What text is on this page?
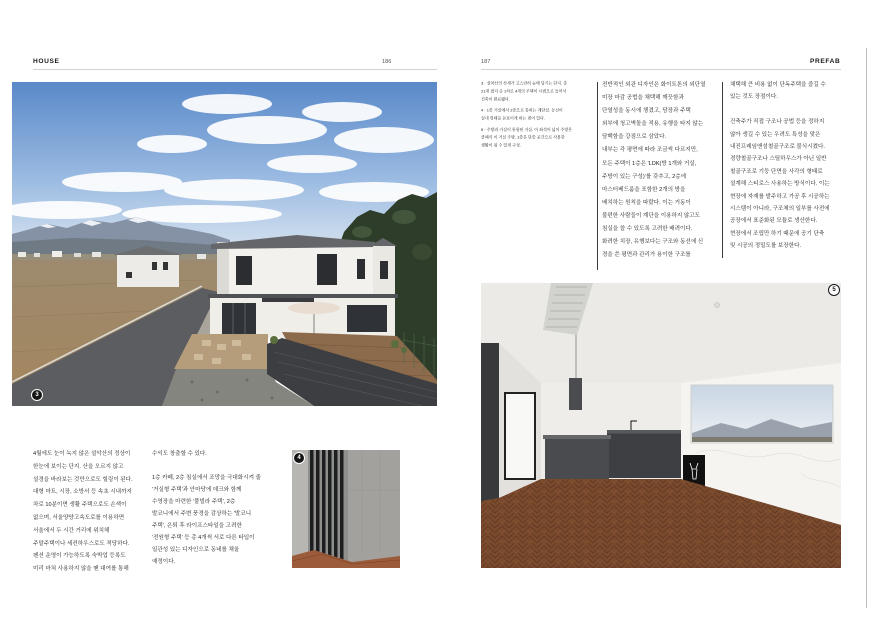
HOUSE	186	187	PREFAB
3
4월에도 눈이 녹지 않은 설악산의 정상이
한눈에 보이는 단지. 산을 오르지 않고
설경을 바라보는 것만으로도 힐링이 된다.
대형 마트, 시장, 소방서 등 속초 시내까지
차로 10분이면 생활 주택으로도 손색이
없으며, 서울양양고속도로를 이용하면
서울에서 두 시간 거리에 위치해
주말주택이나 세컨하우스로도 적당하다.
펜션 운영이 가능하도록 숙박업 등록도
미리 마쳐 사용하지 않을 땐 대여를 통해
수익도 창출할 수 있다.
1층 카페, 2층 침실에서 조망을 극대화시켜 줄
'거실형 주택'과 안마당에 데크와 함께
수영장을 마련한 '풀빌라 주택', 2층
발코니에서 주변 풍경을 감상하는 '발코니
주택', 은퇴 후 라이프스타일을 고려한
'전원형 주택' 등 총 4개씩 서로 다른 타입이
일관성 있는 디자인으로 동네를 채울
예정이다.
4
3 · 설악산의 산세가 고스란히 눈에 담기는 단지. 총
21개 필지 중 1차로 4개의 주택이 시범으로 들어서
건축이 완료됐다.
4 · 1층 거실에서 2층으로 통하는 계단실. 동선이
실내 형태를 돋보이게 하는 편이 있다.
5 · 주방과 거실이 통합된 거실. 이 좌석이 넓어 주방은
클래식 이 거실 주방, 1층은 단층 공간으로 사용한
생활이 될 수 있게 구성.
전반적인 외관 디자인은 화이트톤의 외단열
미장 마감 공법을 채택해 깨끗함과
단열성을 동시에 챙겼고, 담장과 주택
외부에 청고벽돌을 적용, 유행을 타지 않는
담백함을 강점으로 삼았다.
내부는 각 평면에 따라 조금씩 다르지만,
모든 주택이 1층은 'LDK(방 1개와 거실,
주방이 있는 구성)'를 갖추고, 2층에
마스터베드룸을 포함한 2개의 방을
배치하는 원칙을 따랐다. 이는 거동이
불편한 사람들이 계단을 이용하지 않고도
침실을 쓸 수 있도록 고려한 배려이다.
화려한 치장, 유행보다는 구조와 동선에 신
경을 쓴 평면과 관리가 용이한 구조를
채택해 큰 비용 없이 단독주택을 즐길 수
있는 것도 장점이다.
건축주가 직접 구조나 공법 등을 정하지
않아 생길 수 있는 우려도 특성을 맞은
내진프레임앤섬철골구조로 불식시켰다.
경량철골구조나 스틸하우스가 아닌 일반
철골구조로 기둥 단면을 사각의 형태로
설계해 스티로스 사용하는 방식이다. 이는
현장에 자재를 발주하고 가공 후 시공하는
시스템이 아니라, 구조체의 일부를 사전에
공장에서 표준화된 모듈로 생산한다.
현장에서 조립만 하기 때문에 공기 단축
및 시공의 정밀도를 보장한다.
5
